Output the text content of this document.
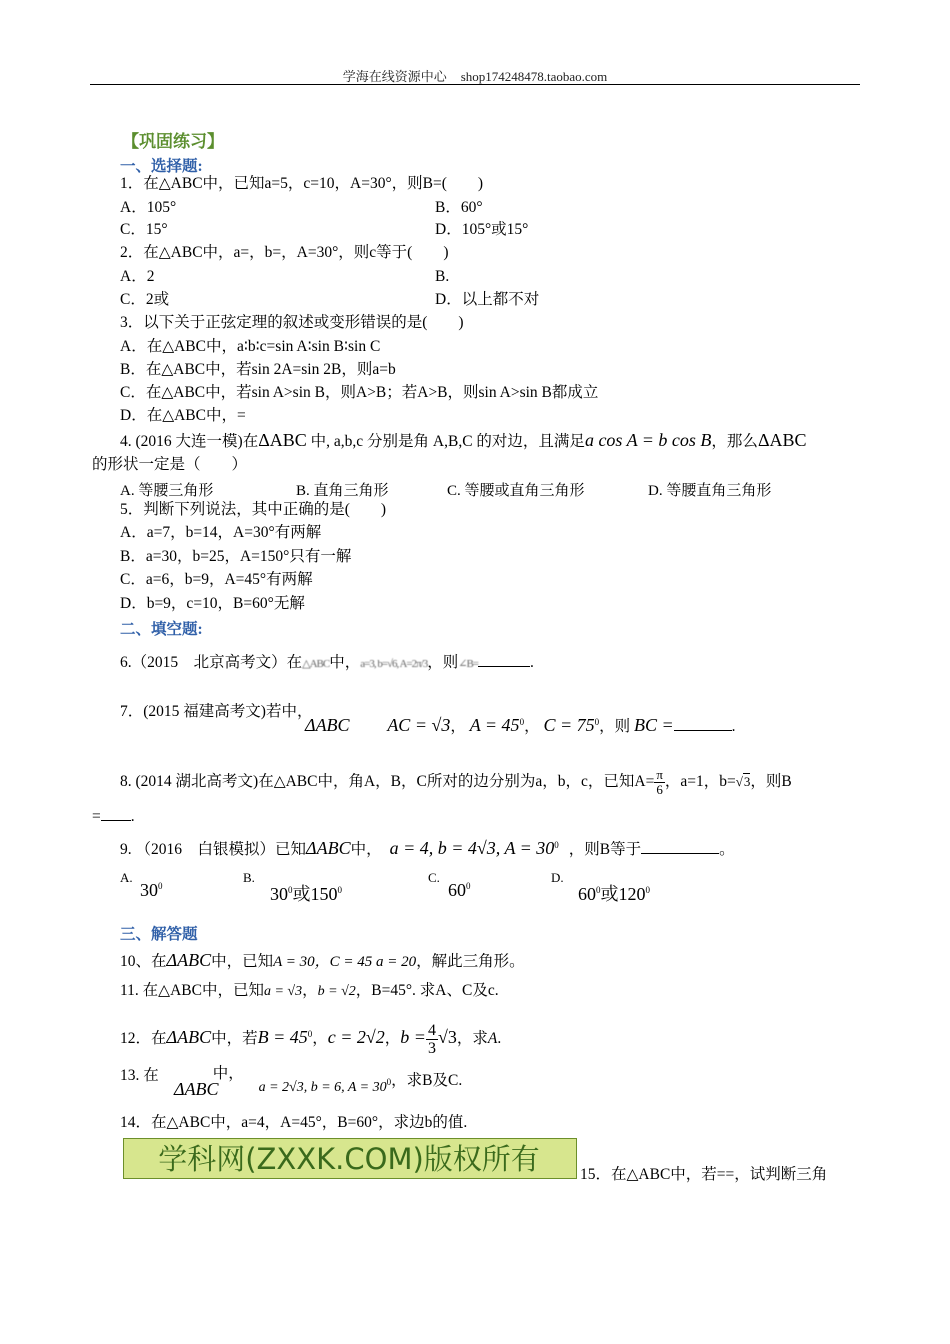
学海在线资源中心 shop174248478.taobao.com
【巩固练习】
一、选择题:
1．在△ABC中，已知a=5，c=10，A=30°，则B=(　　)
A．105°	B．60°
C．15°	D．105°或15°
2．在△ABC中，a=，b=，A=30°，则c等于(　　)
A．2	B.
C．2或	D．以上都不对
3．以下关于正弦定理的叙述或变形错误的是(　　)
A．在△ABC中，a∶b∶c=sin A∶sin B∶sin C
B．在△ABC中，若sin 2A=sin 2B，则a=b
C．在△ABC中，若sin A>sin B，则A>B；若A>B，则sin A>sin B都成立
D．在△ABC中，=
4. (2016 大连一模)在ΔABC 中, a,b,c 分别是角 A,B,C 的对边，且满足a cos A = b cos B，那么ΔABC
的形状一定是（　　）
A. 等腰三角形	B. 直角三角形	C. 等腰或直角三角形	D. 等腰直角三角形
5．判断下列说法，其中正确的是(　　)
A．a=7，b=14，A=30°有两解
B．a=30，b=25，A=150°只有一解
C．a=6，b=9，A=45°有两解
D．b=9，c=10，B=60°无解
二、填空题:
6.（2015　北京高考文）在△ABC中，a=3, b=√6, A=2π/3，则∠B=	.
7．(2015 福建高考文)若中，
ΔABC AC = √3， $A = 45^0$， $C = 75^0$，则 BC =	.
8. (2014 湖北高考文)在△ABC中，角A，B，C所对的边分别为a，b，c，已知$A= \frac{\pi}{6}$ ，a=1，b=√3，则B
= .
9. （2016　白银模拟）已知ΔABC中， a = 4, b = 4√3, $A = 30^0$ ，则B等于	。
A.
$30^0$
B.
$30^0$或$150^0$
C.
$60^0$
D.
$60^0$或$120^0$
三、解答题
10、在ΔABC中，已知A = 30，C = 45 a = 20，解此三角形。
11. 在△ABC中，已知a = √3，b = √2，B=45°. 求A、C及c.
12．在ΔABC中，若$B = 45^0$，c = 2√2，$b = \frac{4}{3} √3$，求A.
13. 在	中，
ΔABC	a = 2√3, b = 6, $A = 30^0$，求B及C.
14．在△ABC中，a=4，A=45°，B=60°，求边b的值.
学科网(ZXXK.COM)版权所有	15．在△ABC中，若==，试判断三角
